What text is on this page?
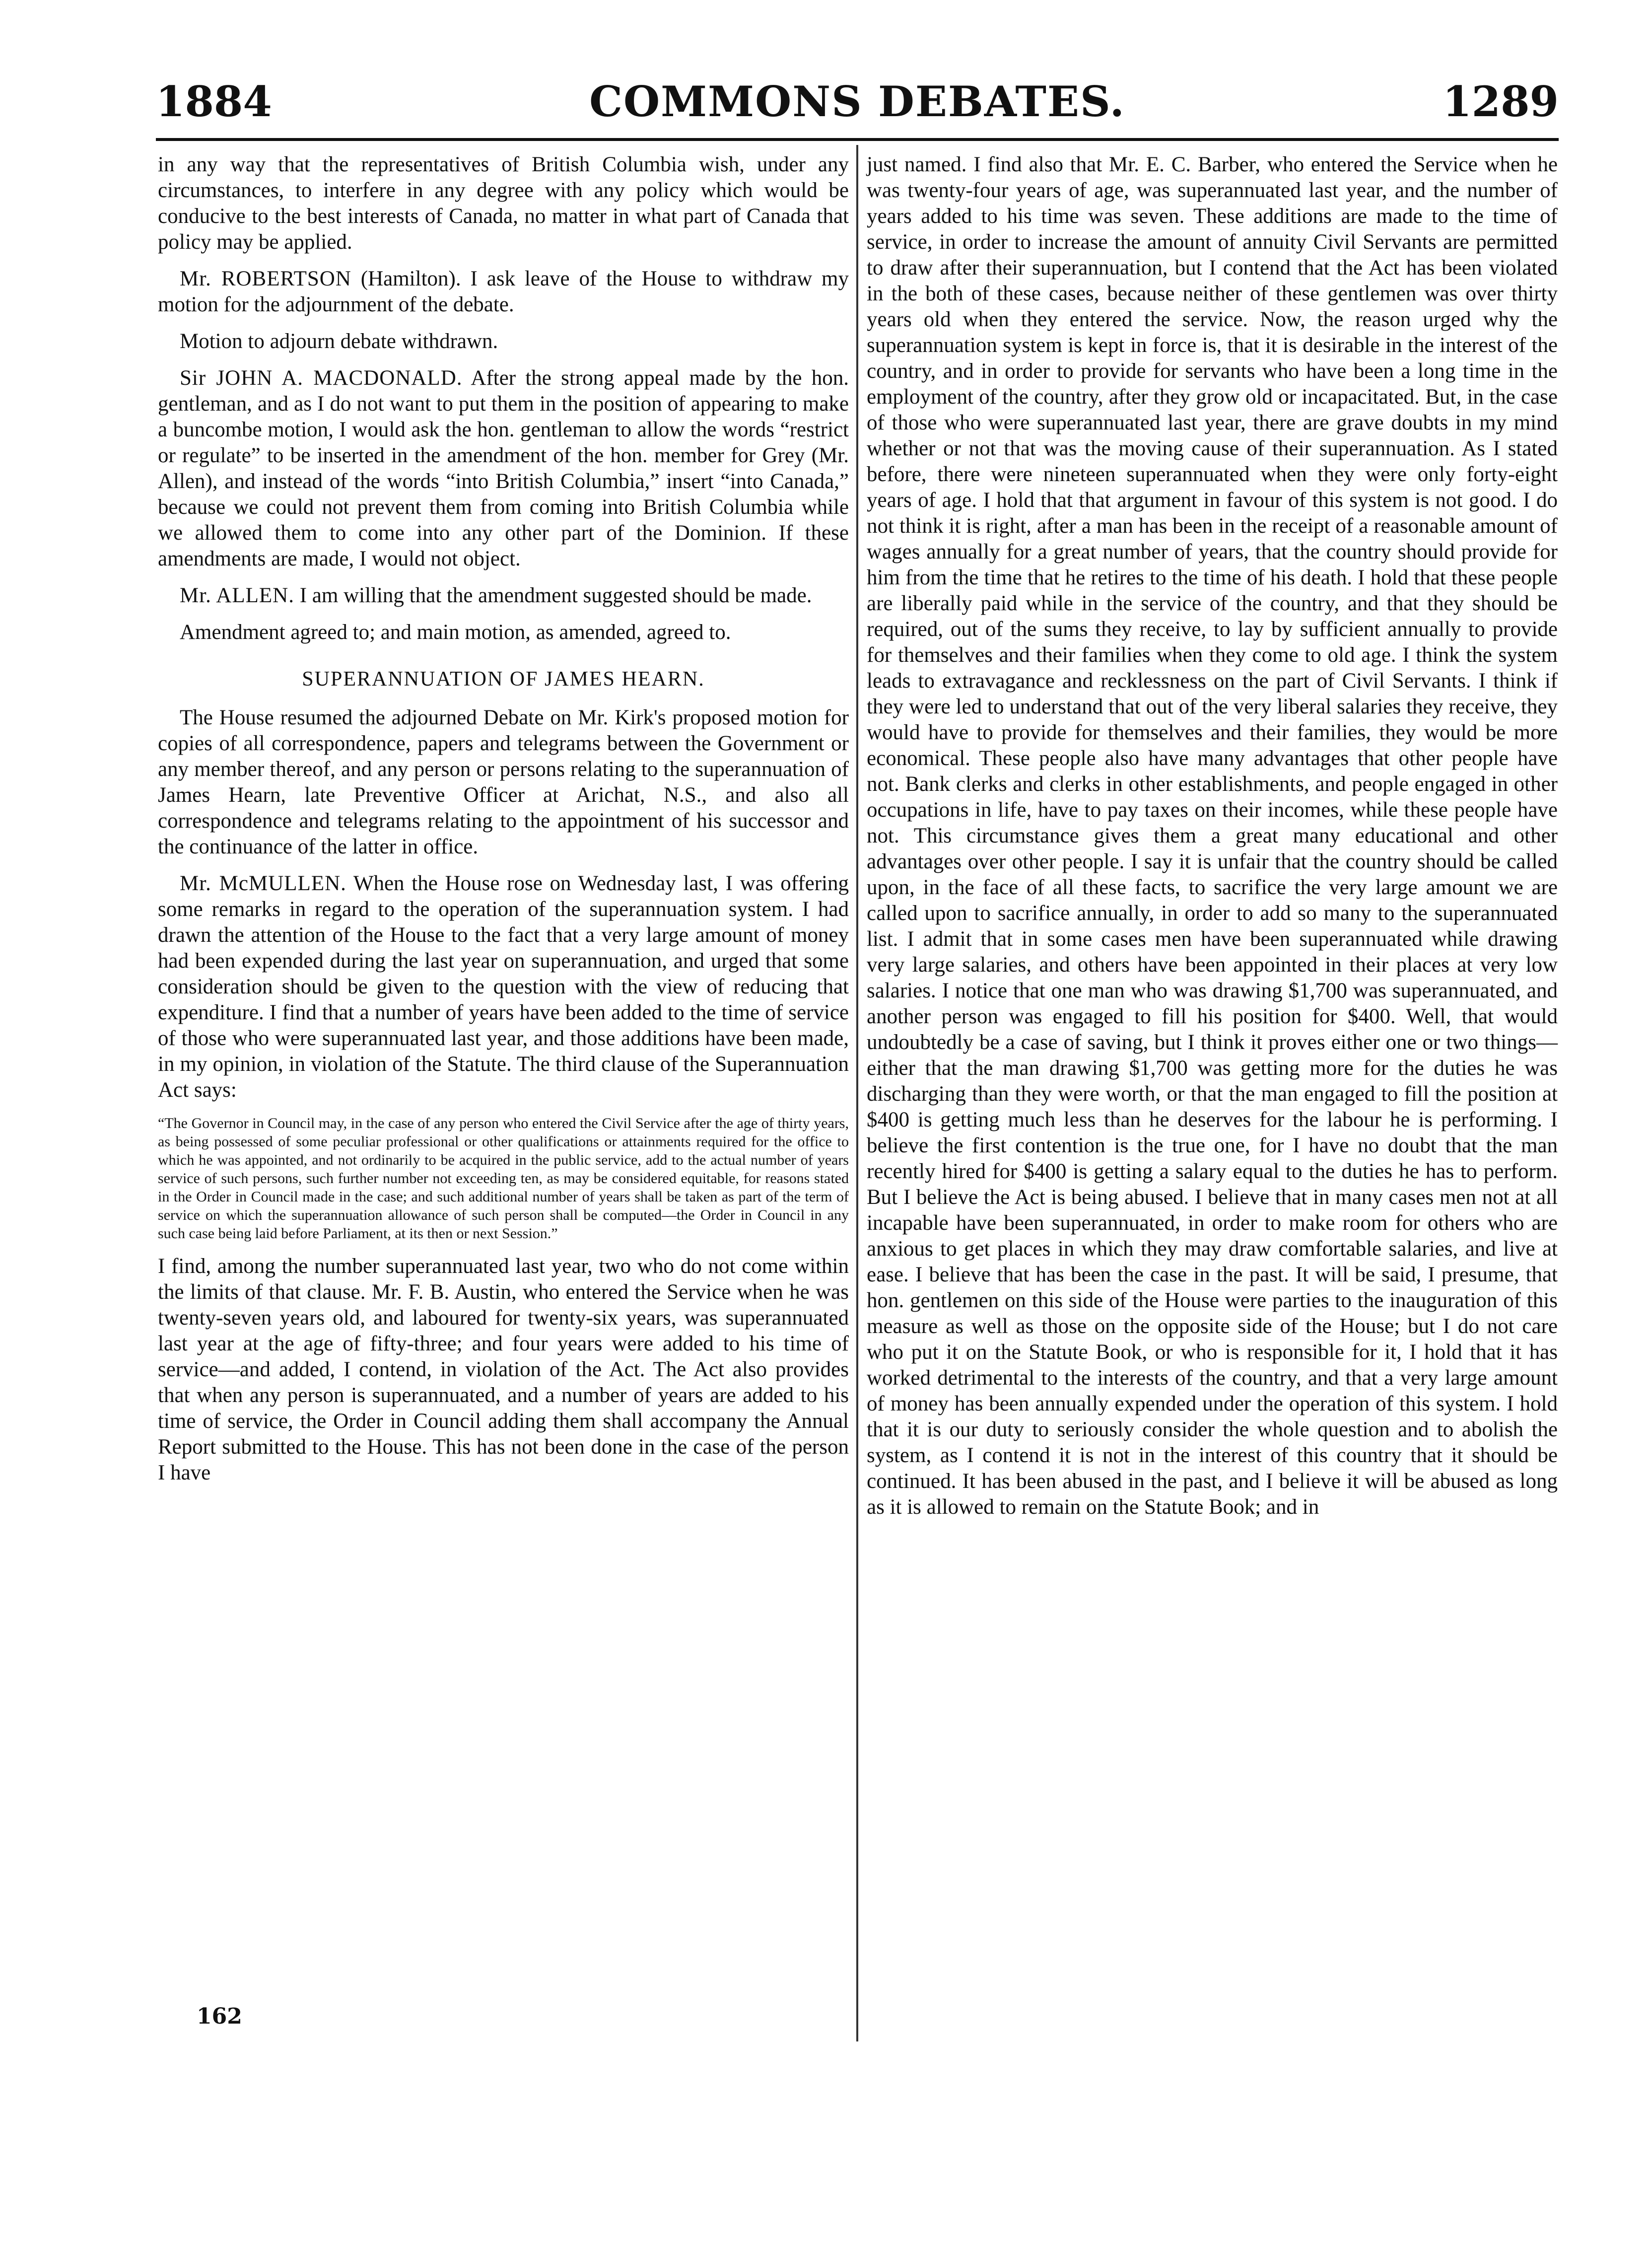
1884	COMMONS DEBATES.	1289

in any way that the representatives of British Columbia wish, under any circumstances, to interfere in any degree with any policy which would be conducive to the best interests of Canada, no matter in what part of Canada that policy may be applied.

Mr. ROBERTSON (Hamilton). I ask leave of the House to withdraw my motion for the adjournment of the debate.

Motion to adjourn debate withdrawn.

Sir JOHN A. MACDONALD. After the strong appeal made by the hon. gentleman, and as I do not want to put them in the position of appearing to make a buncombe motion, I would ask the hon. gentleman to allow the words “restrict or regulate” to be inserted in the amendment of the hon. member for Grey (Mr. Allen), and instead of the words “into British Columbia,” insert “into Canada,” because we could not prevent them from coming into British Columbia while we allowed them to come into any other part of the Dominion. If these amendments are made, I would not object.

Mr. ALLEN. I am willing that the amendment suggested should be made.

Amendment agreed to; and main motion, as amended, agreed to.

SUPERANNUATION OF JAMES HEARN.

The House resumed the adjourned Debate on Mr. Kirk's proposed motion for copies of all correspondence, papers and telegrams between the Government or any member thereof, and any person or persons relating to the superannuation of James Hearn, late Preventive Officer at Arichat, N.S., and also all correspondence and telegrams relating to the appointment of his successor and the continuance of the latter in office.

Mr. McMULLEN. When the House rose on Wednesday last, I was offering some remarks in regard to the operation of the superannuation system. I had drawn the attention of the House to the fact that a very large amount of money had been expended during the last year on superannuation, and urged that some consideration should be given to the question with the view of reducing that expenditure. I find that a number of years have been added to the time of service of those who were superannuated last year, and those additions have been made, in my opinion, in violation of the Statute. The third clause of the Superannuation Act says:

“The Governor in Council may, in the case of any person who entered the Civil Service after the age of thirty years, as being possessed of some peculiar professional or other qualifications or attainments required for the office to which he was appointed, and not ordinarily to be acquired in the public service, add to the actual number of years service of such persons, such further number not exceeding ten, as may be considered equitable, for reasons stated in the Order in Council made in the case; and such additional number of years shall be taken as part of the term of service on which the superannuation allowance of such person shall be computed—the Order in Council in any such case being laid before Parliament, at its then or next Session.”

I find, among the number superannuated last year, two who do not come within the limits of that clause. Mr. F. B. Austin, who entered the Service when he was twenty-seven years old, and laboured for twenty-six years, was superannuated last year at the age of fifty-three; and four years were added to his time of service—and added, I contend, in violation of the Act. The Act also provides that when any person is superannuated, and a number of years are added to his time of service, the Order in Council adding them shall accompany the Annual Report submitted to the House. This has not been done in the case of the person I have

162

just named. I find also that Mr. E. C. Barber, who entered the Service when he was twenty-four years of age, was superannuated last year, and the number of years added to his time was seven. These additions are made to the time of service, in order to increase the amount of annuity Civil Servants are permitted to draw after their superannuation, but I contend that the Act has been violated in the both of these cases, because neither of these gentlemen was over thirty years old when they entered the service. Now, the reason urged why the superannuation system is kept in force is, that it is desirable in the interest of the country, and in order to provide for servants who have been a long time in the employment of the country, after they grow old or incapacitated. But, in the case of those who were superannuated last year, there are grave doubts in my mind whether or not that was the moving cause of their superannuation. As I stated before, there were nineteen superannuated when they were only forty-eight years of age. I hold that that argument in favour of this system is not good. I do not think it is right, after a man has been in the receipt of a reasonable amount of wages annually for a great number of years, that the country should provide for him from the time that he retires to the time of his death. I hold that these people are liberally paid while in the service of the country, and that they should be required, out of the sums they receive, to lay by sufficient annually to provide for themselves and their families when they come to old age. I think the system leads to extravagance and recklessness on the part of Civil Servants. I think if they were led to understand that out of the very liberal salaries they receive, they would have to provide for themselves and their families, they would be more economical. These people also have many advantages that other people have not. Bank clerks and clerks in other establishments, and people engaged in other occupations in life, have to pay taxes on their incomes, while these people have not. This circumstance gives them a great many educational and other advantages over other people. I say it is unfair that the country should be called upon, in the face of all these facts, to sacrifice the very large amount we are called upon to sacrifice annually, in order to add so many to the superannuated list. I admit that in some cases men have been superannuated while drawing very large salaries, and others have been appointed in their places at very low salaries. I notice that one man who was drawing $1,700 was superannuated, and another person was engaged to fill his position for $400. Well, that would undoubtedly be a case of saving, but I think it proves either one or two things—either that the man drawing $1,700 was getting more for the duties he was discharging than they were worth, or that the man engaged to fill the position at $400 is getting much less than he deserves for the labour he is performing. I believe the first contention is the true one, for I have no doubt that the man recently hired for $400 is getting a salary equal to the duties he has to perform. But I believe the Act is being abused. I believe that in many cases men not at all incapable have been superannuated, in order to make room for others who are anxious to get places in which they may draw comfortable salaries, and live at ease. I believe that has been the case in the past. It will be said, I presume, that hon. gentlemen on this side of the House were parties to the inauguration of this measure as well as those on the opposite side of the House; but I do not care who put it on the Statute Book, or who is responsible for it, I hold that it has worked detrimental to the interests of the country, and that a very large amount of money has been annually expended under the operation of this system. I hold that it is our duty to seriously consider the whole question and to abolish the system, as I contend it is not in the interest of this country that it should be continued. It has been abused in the past, and I believe it will be abused as long as it is allowed to remain on the Statute Book; and in
